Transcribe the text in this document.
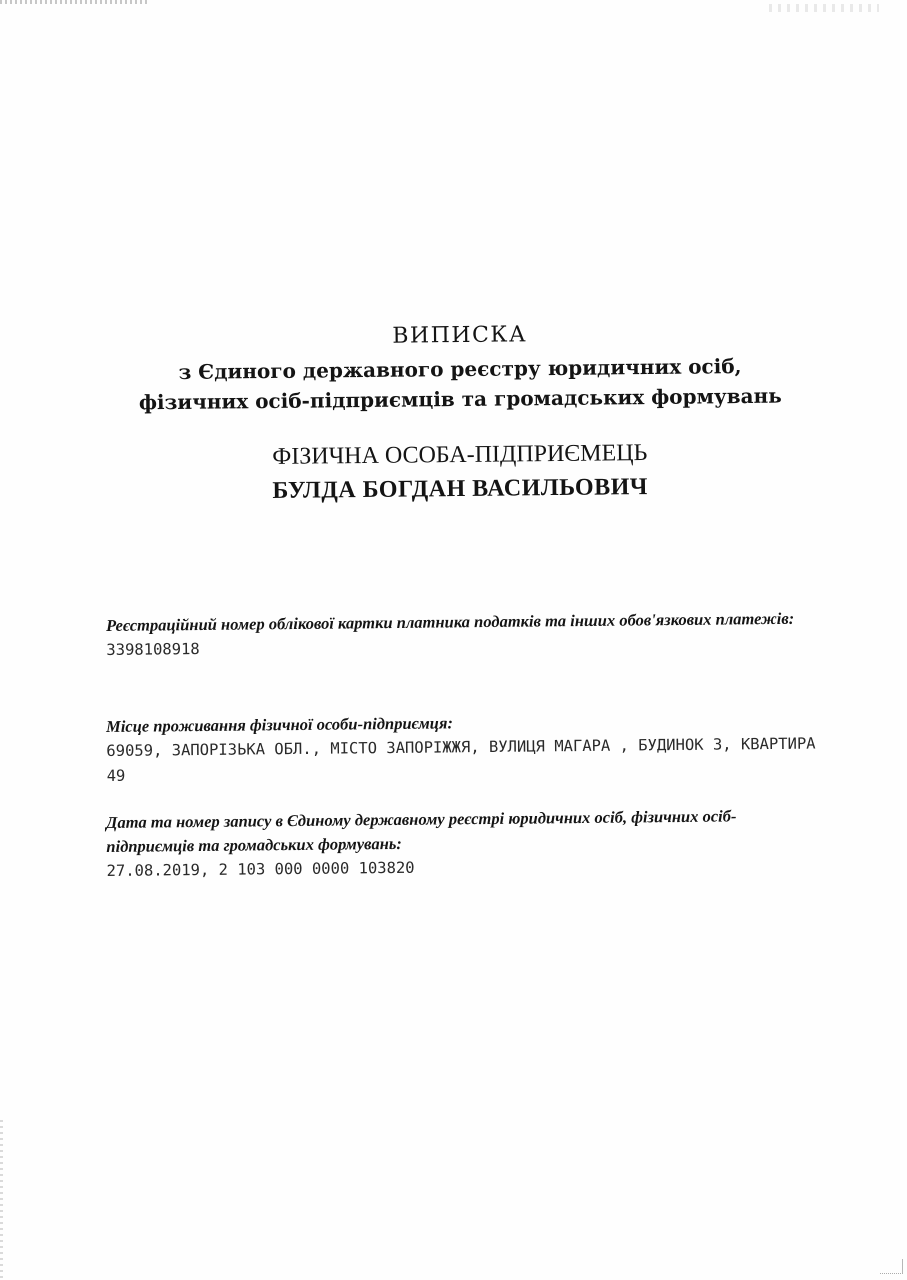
ВИПИСКА

з Єдиного державного реєстру юридичних осіб,

фізичних осіб-підприємців та громадських формувань

ФІЗИЧНА ОСОБА-ПІДПРИЄМЕЦЬ

БУЛДА БОГДАН ВАСИЛЬОВИЧ

Реєстраційний номер облікової картки платника податків та інших обов'язкових платежів:

3398108918

Місце проживання фізичної особи-підприємця:

69059, ЗАПОРІЗЬКА ОБЛ., МІСТО ЗАПОРІЖЖЯ, ВУЛИЦЯ МАГАРА , БУДИНОК 3, КВАРТИРА 49

Дата та номер запису в Єдиному державному реєстрі юридичних осіб, фізичних осіб-підприємців та громадських формувань:

27.08.2019, 2 103 000 0000 103820
